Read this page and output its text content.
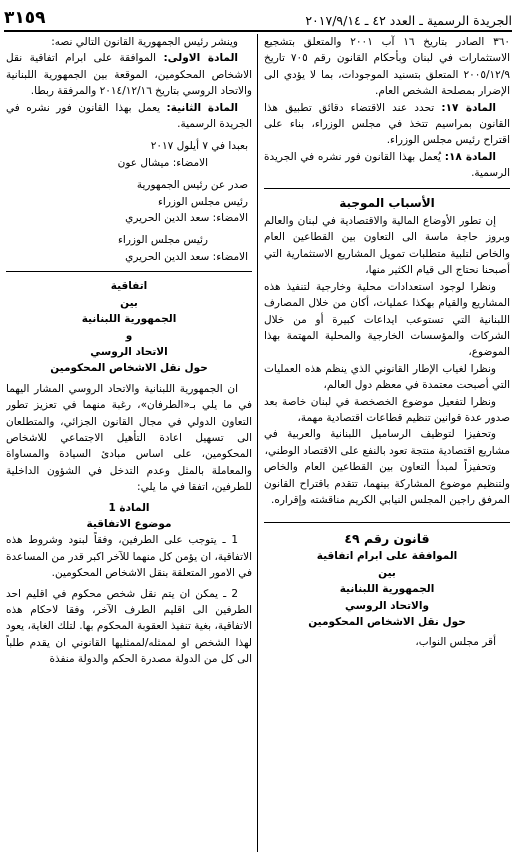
الجريدة الرسمية ـ العدد ٤٢ ـ ٢٠١٧/٩/١٤
٣١٥٩

٣٦٠ الصادر بتاريخ ١٦ آب ٢٠٠١ والمتعلق بتشجيع الاستثمارات في لبنان وبأحكام القانون رقم ٧٠٥ تاريخ ٢٠٠٥/١٢/٩ المتعلق بتسنيد الموجودات، بما لا يؤدي الى الإضرار بمصلحة الشخص العام.

المادة ١٧: تحدد عند الاقتضاء دقائق تطبيق هذا القانون بمراسيم تتخذ في مجلس الوزراء، بناء على اقتراح رئيس مجلس الوزراء.

المادة ١٨: يُعمل بهذا القانون فور نشره في الجريدة الرسمية.

الأسباب الموجبة

إن تطور الأوضاع المالية والاقتصادية في لبنان والعالم وبروز حاجة ماسة الى التعاون بين القطاعين العام والخاص لتلبية متطلبات تمويل المشاريع الاستثمارية التي أصبحنا نحتاج الى قيام الكثير منها،

ونظرا لوجود استعدادات محلية وخارجية لتنفيذ هذه المشاريع والقيام بهكذا عمليات، أكان من خلال المصارف اللبنانية التي تستوعب ايداعات كبيرة أو من خلال الشركات والمؤسسات الخارجية والمحلية المهتمة بهذا الموضوع،

ونظرا لغياب الإطار القانوني الذي ينظم هذه العمليات التي أصبحت معتمدة في معظم دول العالم،

ونظرا لتفعيل موضوع الخصخصة في لبنان خاصة بعد صدور عدة قوانين تنظيم قطاعات اقتصادية مهمة،

وتحفيزا لتوظيف الرساميل اللبنانية والعربية في مشاريع اقتصادية منتجة تعود بالنفع على الاقتصاد الوطني،

وتحفيزاً لمبدأ التعاون بين القطاعين العام والخاص ولتنظيم موضوع المشاركة بينهما، تتقدم باقتراح القانون المرفق راجين المجلس النيابي الكريم مناقشته وإقراره.

قانون رقم ٤٩
الموافقة على ابرام اتفاقية
بين
الجمهورية اللبنانية
والاتحاد الروسي
حول نقل الاشخاص المحكومين

أقر مجلس النواب،

وينشر رئيس الجمهورية القانون التالي نصه:

المادة الاولى: الموافقة على ابرام اتفاقية نقل الاشخاص المحكومين، الموقعة بين الجمهورية اللبنانية والاتحاد الروسي بتاريخ ٢٠١٤/١٢/١٦ والمرفقة ربطا.

المادة الثانية: يعمل بهذا القانون فور نشره في الجريدة الرسمية.

بعبدا في ٧ أيلول ٢٠١٧

الامضاء: ميشال عون

صدر عن رئيس الجمهورية

رئيس مجلس الوزراء

الامضاء: سعد الدين الحريري

رئيس مجلس الوزراء

الامضاء: سعد الدين الحريري

اتفاقية
بين
الجمهورية اللبنانية
و
الاتحاد الروسي
حول نقل الاشخاص المحكومين

ان الجمهورية اللبنانية والاتحاد الروسي المشار اليهما في ما يلي بـ«الطرفان»، رغبة منهما في تعزيز تطور التعاون الدولي في مجال القانون الجزائي، والمتطلعان الى تسهيل اعادة التأهيل الاجتماعي للاشخاص المحكومين، على اساس مبادئ السيادة والمساواة والمعاملة بالمثل وعدم التدخل في الشؤون الداخلية للطرفين، اتفقا في ما يلي:

المادة 1
موضوع الاتفاقية

1 ـ يتوجب على الطرفين، وفقاً لبنود وشروط هذه الاتفاقية، ان يؤمن كل منهما للآخر اكبر قدر من المساعدة في الامور المتعلقة بنقل الاشخاص المحكومين.

2 ـ يمكن ان يتم نقل شخص محكوم في اقليم احد الطرفين الى اقليم الطرف الآخر، وفقا لاحكام هذه الاتفاقية، بغية تنفيذ العقوبة المحكوم بها. لتلك الغاية، يعود لهذا الشخص او لممثله/لممثليها القانوني ان يقدم طلباً الى كل من الدولة مصدرة الحكم والدولة منفذة
